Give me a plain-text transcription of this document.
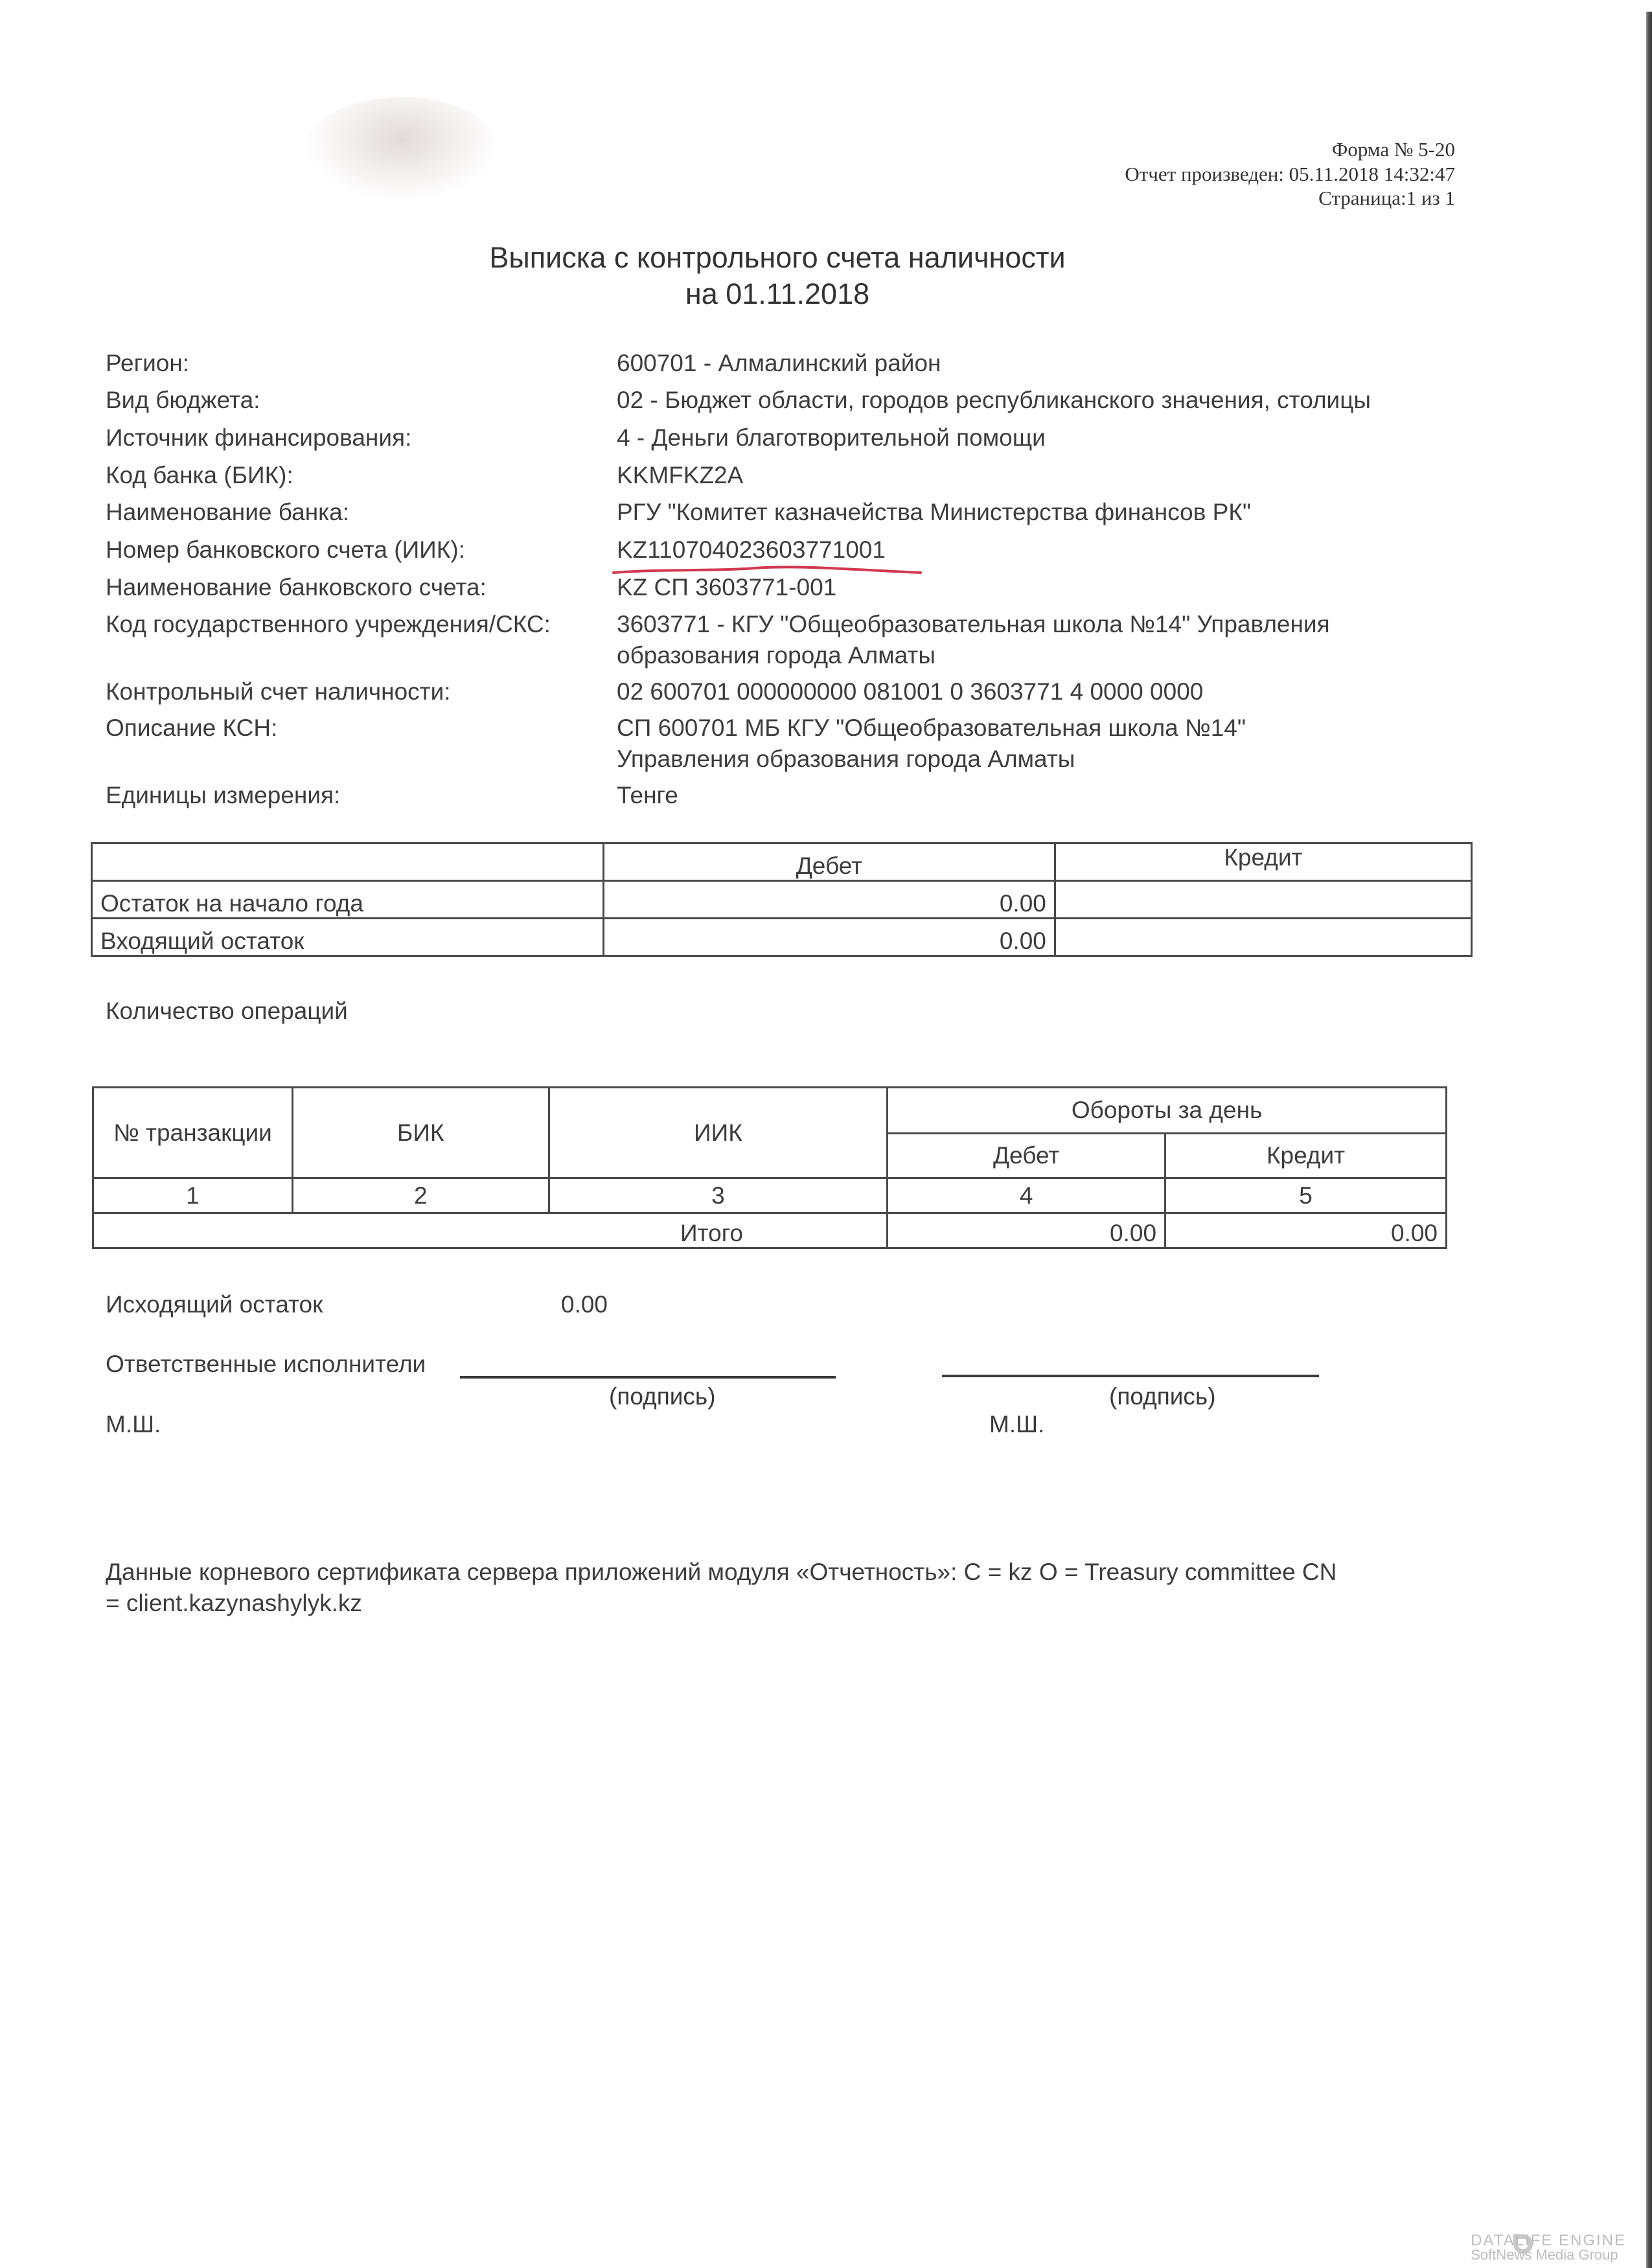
Форма № 5-20
Отчет произведен: 05.11.2018 14:32:47
Страница:1 из 1
Выписка с контрольного счета наличности
на 01.11.2018
Регион:	600701 - Алмалинский район
Вид бюджета:	02 - Бюджет области, городов республиканского значения, столицы
Источник финансирования:	4 - Деньги благотворительной помощи
Код банка (БИК):	KKMFKZ2A
Наименование банка:	РГУ "Комитет казначейства Министерства финансов РК"
Номер банковского счета (ИИК):	KZ110704023603771001
Наименование банковского счета:	KZ СП 3603771-001
Код государственного учреждения/СКС:	3603771 - КГУ "Общеобразовательная школа №14" Управления
образования города Алматы
Контрольный счет наличности:	02 600701 000000000 081001 0 3603771 4 0000 0000
Описание КСН:	СП 600701 МБ КГУ "Общеобразовательная школа №14"
Управления образования города Алматы
Единицы измерения:	Тенге
	Дебет	Кредит
Остаток на начало года	0.00	
Входящий остаток	0.00	
Количество операций
№ транзакции	БИК	ИИК	Обороты за день	
			Дебет	Кредит
1	2	3	4	5
Итого			0.00	0.00
Исходящий остаток	0.00
Ответственные исполнители
(подпись)	(подпись)
М.Ш.	М.Ш.
Данные корневого сертификата сервера приложений модуля «Отчетность»: C = kz O = Treasury committee CN
= client.kazynashylyk.kz
DATALIFE ENGINE
SoftNews Media Group
